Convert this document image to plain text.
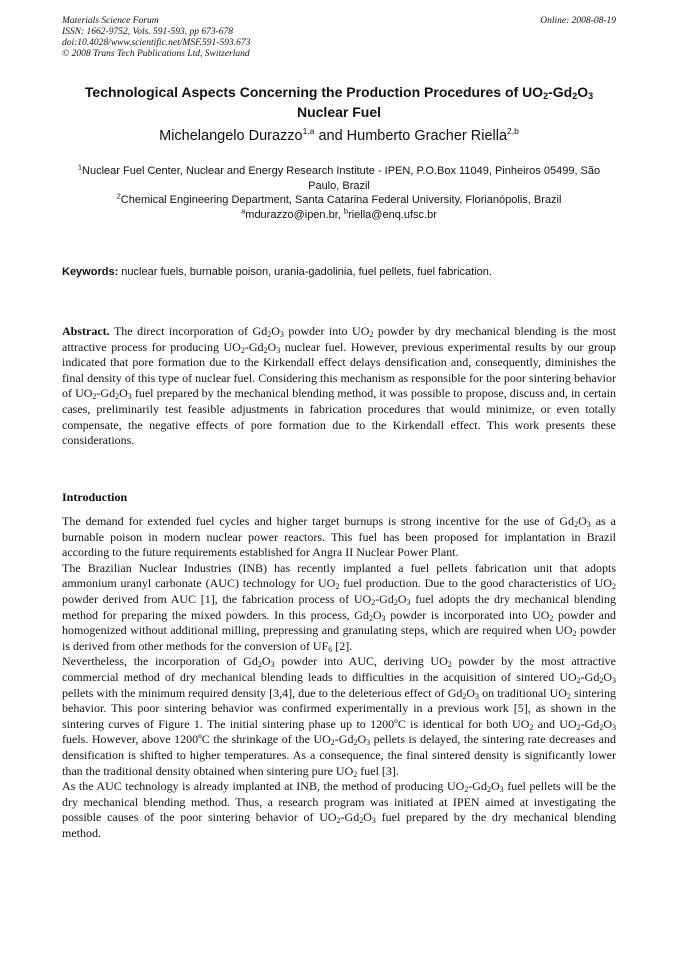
Materials Science Forum
ISSN: 1662-9752, Vols. 591-593, pp 673-678
doi:10.4028/www.scientific.net/MSF.591-593.673
© 2008 Trans Tech Publications Ltd, Switzerland
Online: 2008-08-19
Technological Aspects Concerning the Production Procedures of $UO_2-Gd_2O_3$ Nuclear Fuel
Michelangelo Durazzo$^{1,a}$ and Humberto Gracher Riella$^{2,b}$
$^1$Nuclear Fuel Center, Nuclear and Energy Research Institute - IPEN, P.O.Box 11049, Pinheiros 05499, São Paulo, Brazil
$^2$Chemical Engineering Department, Santa Catarina Federal University, Florianópolis, Brazil
$^a$mdurazzo@ipen.br, $^b$riella@enq.ufsc.br
Keywords: nuclear fuels, burnable poison, urania-gadolinia, fuel pellets, fuel fabrication.
Abstract. The direct incorporation of $Gd_2O_3$ powder into $UO_2$ powder by dry mechanical blending is the most attractive process for producing $UO_2-Gd_2O_3$ nuclear fuel. However, previous experimental results by our group indicated that pore formation due to the Kirkendall effect delays densification and, consequently, diminishes the final density of this type of nuclear fuel. Considering this mechanism as responsible for the poor sintering behavior of $UO_2-Gd_2O_3$ fuel prepared by the mechanical blending method, it was possible to propose, discuss and, in certain cases, preliminarily test feasible adjustments in fabrication procedures that would minimize, or even totally compensate, the negative effects of pore formation due to the Kirkendall effect. This work presents these considerations.
Introduction

The demand for extended fuel cycles and higher target burnups is strong incentive for the use of $Gd_2O_3$ as a burnable poison in modern nuclear power reactors. This fuel has been proposed for implantation in Brazil according to the future requirements established for Angra II Nuclear Power Plant.

The Brazilian Nuclear Industries (INB) has recently implanted a fuel pellets fabrication unit that adopts ammonium uranyl carbonate (AUC) technology for $UO_2$ fuel production. Due to the good characteristics of $UO_2$ powder derived from AUC [1], the fabrication process of $UO_2-Gd_2O_3$ fuel adopts the dry mechanical blending method for preparing the mixed powders. In this process, $Gd_2O_3$ powder is incorporated into $UO_2$ powder and homogenized without additional milling, prepressing and granulating steps, which are required when $UO_2$ powder is derived from other methods for the conversion of $UF_6$ [2].

Nevertheless, the incorporation of $Gd_2O_3$ powder into AUC, deriving $UO_2$ powder by the most attractive commercial method of dry mechanical blending leads to difficulties in the acquisition of sintered $UO_2-Gd_2O_3$ pellets with the minimum required density [3,4], due to the deleterious effect of $Gd_2O_3$ on traditional $UO_2$ sintering behavior. This poor sintering behavior was confirmed experimentally in a previous work [5], as shown in the sintering curves of Figure 1. The initial sintering phase up to 1200ºC is identical for both $UO_2$ and $UO_2-Gd_2O_3$ fuels. However, above 1200ºC the shrinkage of the $UO_2-Gd_2O_3$ pellets is delayed, the sintering rate decreases and densification is shifted to higher temperatures. As a consequence, the final sintered density is significantly lower than the traditional density obtained when sintering pure $UO_2$ fuel [3].

As the AUC technology is already implanted at INB, the method of producing $UO_2-Gd_2O_3$ fuel pellets will be the dry mechanical blending method. Thus, a research program was initiated at IPEN aimed at investigating the possible causes of the poor sintering behavior of $UO_2-Gd_2O_3$ fuel prepared by the dry mechanical blending method.
